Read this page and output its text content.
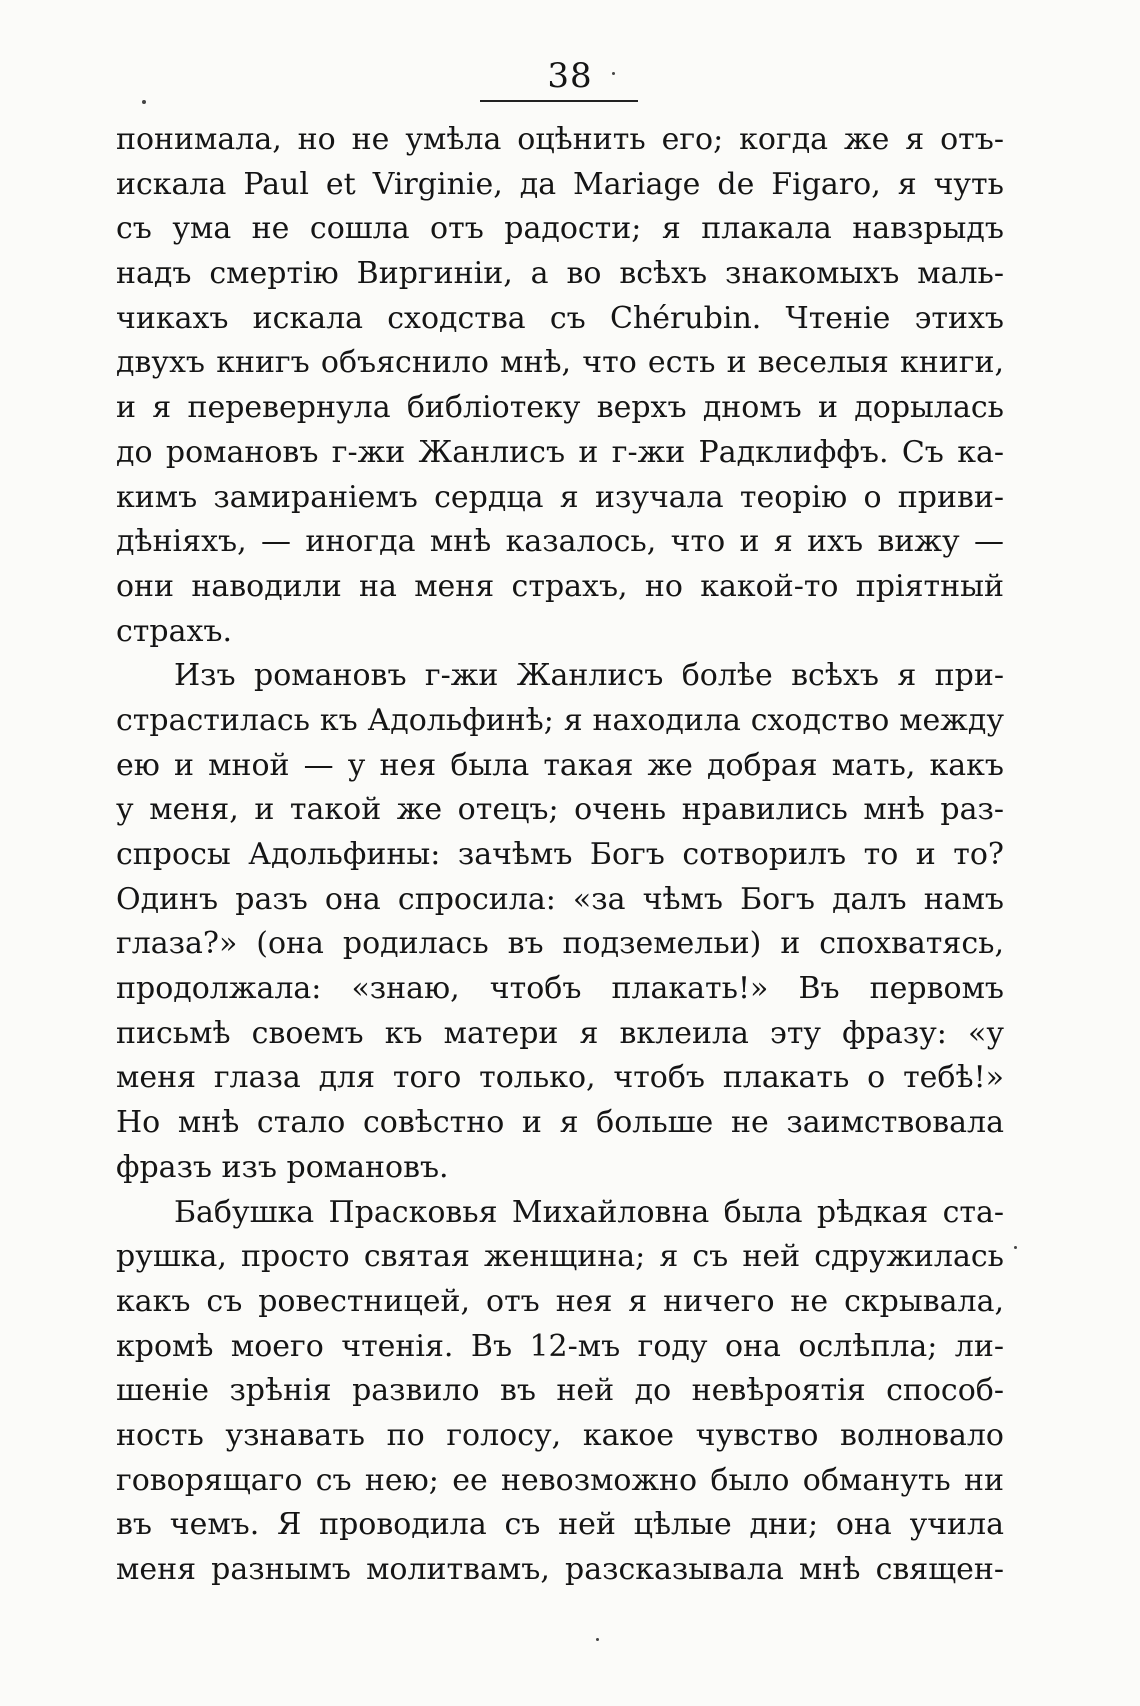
38
понимала, но не умѣла оцѣнить его; когда же я отъ-
искала Paul et Virginie, да Mariage de Figaro, я чуть
съ ума не сошла отъ радости; я плакала навзрыдъ
надъ смертiю Виргинiи, а во всѣхъ знакомыхъ маль-
чикахъ искала сходства съ Chérubin. Чтенiе этихъ
двухъ книгъ объяснило мнѣ, что есть и веселыя книги,
и я перевернула библiотеку верхъ дномъ и дорылась
до романовъ г-жи Жанлисъ и г-жи Радклиффъ. Съ ка-
кимъ замиранiемъ сердца я изучала теорiю о приви-
дѣнiяхъ, — иногда мнѣ казалось, что и я ихъ вижу —
они наводили на меня страхъ, но какой-то прiятный
страхъ.
Изъ романовъ г-жи Жанлисъ болѣе всѣхъ я при-
страстилась къ Адольфинѣ; я находила сходство между
ею и мной — у нея была такая же добрая мать, какъ
у меня, и такой же отецъ; очень нравились мнѣ раз-
спросы Адольфины: зачѣмъ Богъ сотворилъ то и то?
Одинъ разъ она спросила: «за чѣмъ Богъ далъ намъ
глаза?» (она родилась въ подземельи) и спохватясь,
продолжала: «знаю, чтобъ плакать!» Въ первомъ
письмѣ своемъ къ матери я вклеила эту фразу: «у
меня глаза для того только, чтобъ плакать о тебѣ!»
Но мнѣ стало совѣстно и я больше не заимствовала
фразъ изъ романовъ.
Бабушка Прасковья Михайловна была рѣдкая ста-
рушка, просто святая женщина; я съ ней сдружилась
какъ съ ровестницей, отъ нея я ничего не скрывала,
кромѣ моего чтенiя. Въ 12-мъ году она ослѣпла; ли-
шенiе зрѣнiя развило въ ней до невѣроятiя способ-
ность узнавать по голосу, какое чувство волновало
говорящаго съ нею; ее невозможно было обмануть ни
въ чемъ. Я проводила съ ней цѣлые дни; она учила
меня разнымъ молитвамъ, разсказывала мнѣ священ-
